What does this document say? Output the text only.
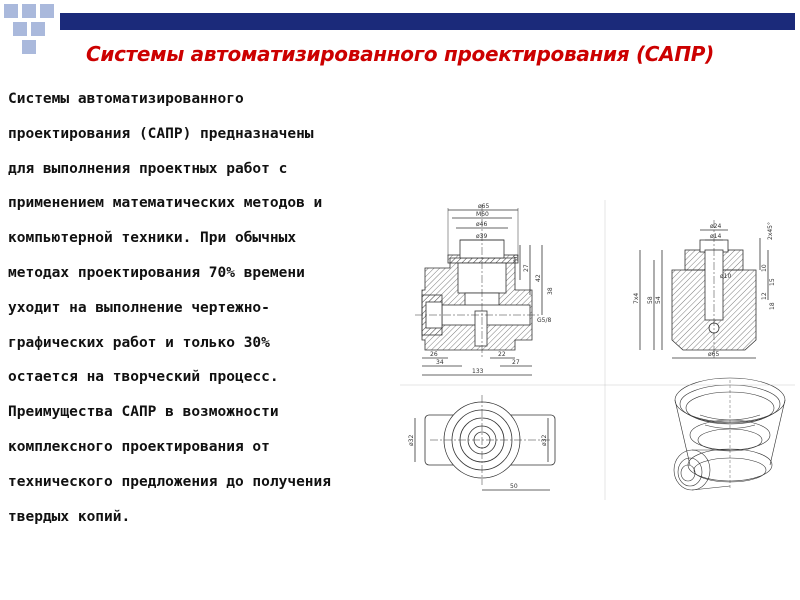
Системы автоматизированного проектирования (САПР)
Системы автоматизированного
проектирования (САПР) предназначены
для выполнения проектных работ с
применением математических методов и
компьютерной техники. При обычных
методах проектирования 70% времени
уходит на выполнение чертежно-
графических работ и только 30%
остается на творческий процесс.
Преимущества САПР в возможности
комплексного проектирования от
технического предложения до получения
твердых копий.
ø65
M60
ø46
ø39
10
27
42
38
G5/8
26
34
22
27
133
ø24
ø14
ø10
2x45°
10
15
12
18
54
58
7x4
ø65
ø32	ø32
50
